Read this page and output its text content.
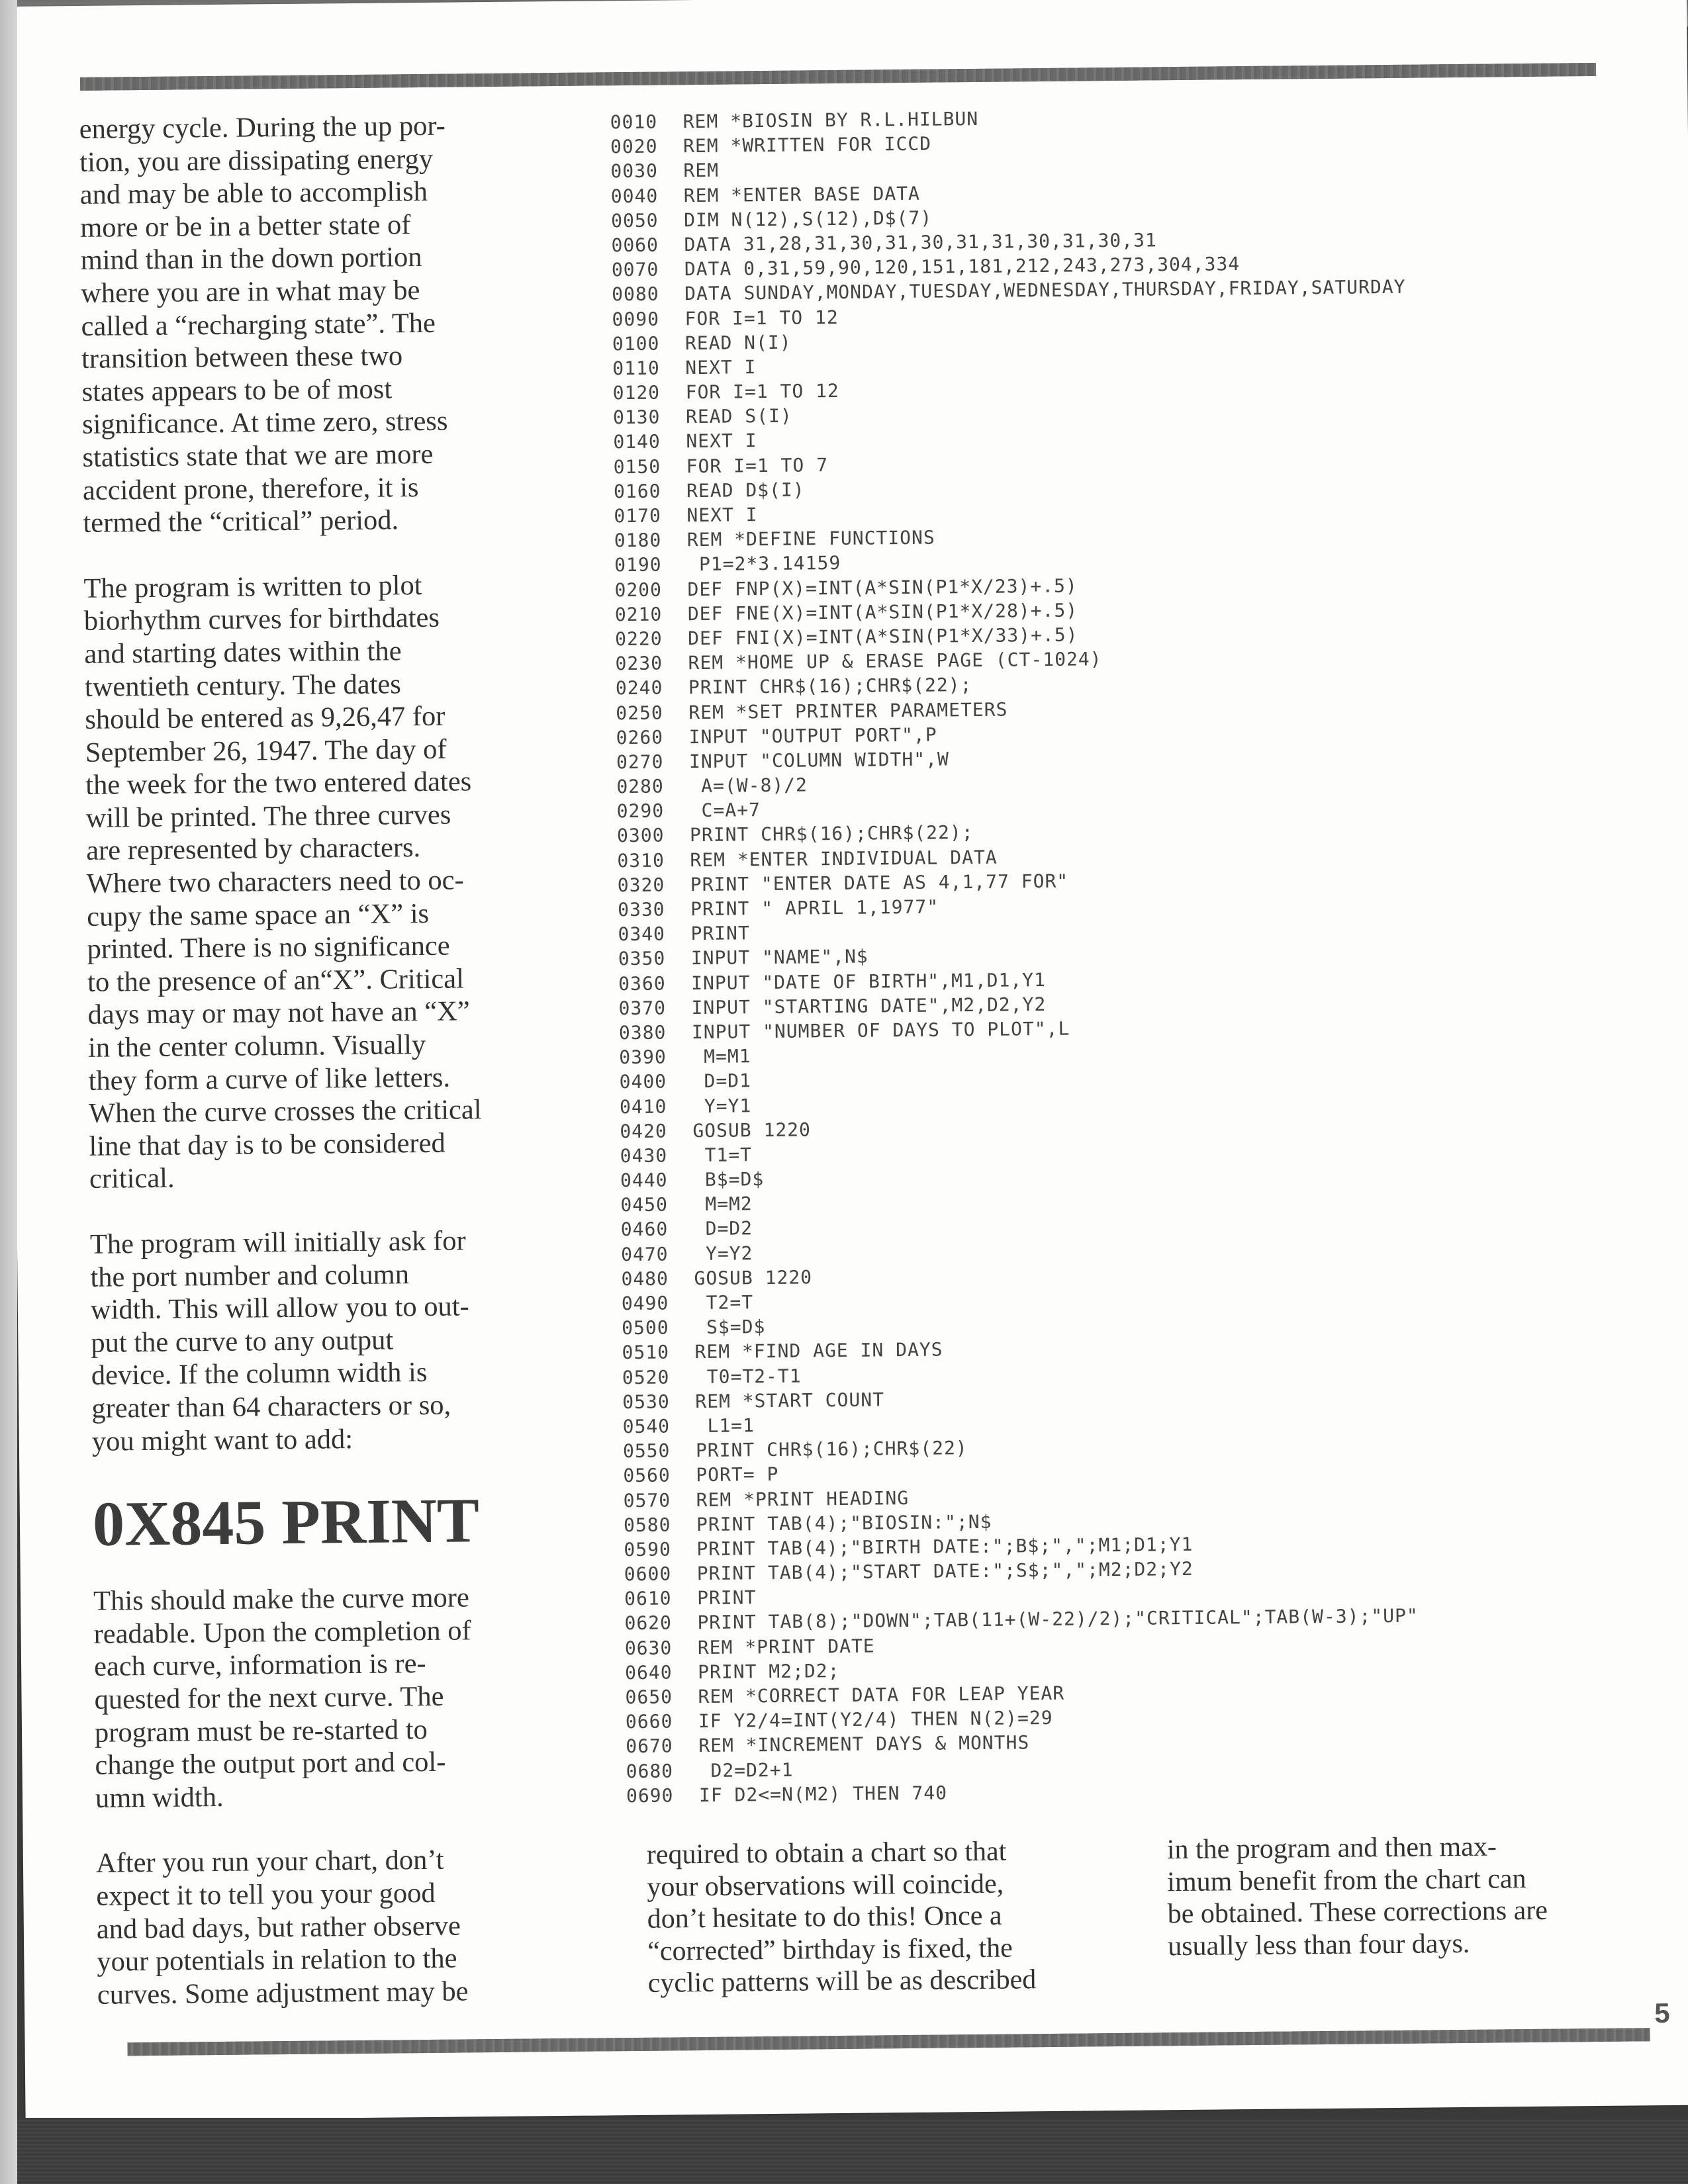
energy cycle. During the up por-
tion, you are dissipating energy
and may be able to accomplish
more or be in a better state of
mind than in the down portion
where you are in what may be
called a “recharging state”. The
transition between these two
states appears to be of most
significance. At time zero, stress
statistics state that we are more
accident prone, therefore, it is
termed the “critical” period.

The program is written to plot
biorhythm curves for birthdates
and starting dates within the
twentieth century. The dates
should be entered as 9,26,47 for
September 26, 1947. The day of
the week for the two entered dates
will be printed. The three curves
are represented by characters.
Where two characters need to oc-
cupy the same space an “X” is
printed. There is no significance
to the presence of an“X”. Critical
days may or may not have an “X”
in the center column. Visually
they form a curve of like letters.
When the curve crosses the critical
line that day is to be considered
critical.

The program will initially ask for
the port number and column
width. This will allow you to out-
put the curve to any output
device. If the column width is
greater than 64 characters or so,
you might want to add:

0X845 PRINT

This should make the curve more
readable. Upon the completion of
each curve, information is re-
quested for the next curve. The
program must be re-started to
change the output port and col-
umn width.

After you run your chart, don’t
expect it to tell you your good
and bad days, but rather observe
your potentials in relation to the
curves. Some adjustment may be

0010 REM *BIOSIN BY R.L.HILBUN
0020 REM *WRITTEN FOR ICCD
0030 REM
0040 REM *ENTER BASE DATA
0050 DIM N(12),S(12),D$(7)
0060 DATA 31,28,31,30,31,30,31,31,30,31,30,31
0070 DATA 0,31,59,90,120,151,181,212,243,273,304,334
0080 DATA SUNDAY,MONDAY,TUESDAY,WEDNESDAY,THURSDAY,FRIDAY,SATURDAY
0090 FOR I=1 TO 12
0100 READ N(I)
0110 NEXT I
0120 FOR I=1 TO 12
0130 READ S(I)
0140 NEXT I
0150 FOR I=1 TO 7
0160 READ D$(I)
0170 NEXT I
0180 REM *DEFINE FUNCTIONS
0190 P1=2*3.14159
0200 DEF FNP(X)=INT(A*SIN(P1*X/23)+.5)
0210 DEF FNE(X)=INT(A*SIN(P1*X/28)+.5)
0220 DEF FNI(X)=INT(A*SIN(P1*X/33)+.5)
0230 REM *HOME UP & ERASE PAGE (CT-1024)
0240 PRINT CHR$(16);CHR$(22);
0250 REM *SET PRINTER PARAMETERS
0260 INPUT "OUTPUT PORT",P
0270 INPUT "COLUMN WIDTH",W
0280 A=(W-8)/2
0290 C=A+7
0300 PRINT CHR$(16);CHR$(22);
0310 REM *ENTER INDIVIDUAL DATA
0320 PRINT "ENTER DATE AS 4,1,77 FOR"
0330 PRINT " APRIL 1,1977"
0340 PRINT
0350 INPUT "NAME",N$
0360 INPUT "DATE OF BIRTH",M1,D1,Y1
0370 INPUT "STARTING DATE",M2,D2,Y2
0380 INPUT "NUMBER OF DAYS TO PLOT",L
0390 M=M1
0400 D=D1
0410 Y=Y1
0420 GOSUB 1220
0430 T1=T
0440 B$=D$
0450 M=M2
0460 D=D2
0470 Y=Y2
0480 GOSUB 1220
0490 T2=T
0500 S$=D$
0510 REM *FIND AGE IN DAYS
0520 T0=T2-T1
0530 REM *START COUNT
0540 L1=1
0550 PRINT CHR$(16);CHR$(22)
0560 PORT= P
0570 REM *PRINT HEADING
0580 PRINT TAB(4);"BIOSIN:";N$
0590 PRINT TAB(4);"BIRTH DATE:";B$;",";M1;D1;Y1
0600 PRINT TAB(4);"START DATE:";S$;",";M2;D2;Y2
0610 PRINT
0620 PRINT TAB(8);"DOWN";TAB(11+(W-22)/2);"CRITICAL";TAB(W-3);"UP"
0630 REM *PRINT DATE
0640 PRINT M2;D2;
0650 REM *CORRECT DATA FOR LEAP YEAR
0660 IF Y2/4=INT(Y2/4) THEN N(2)=29
0670 REM *INCREMENT DAYS & MONTHS
0680 D2=D2+1
0690 IF D2<=N(M2) THEN 740
required to obtain a chart so that
your observations will coincide,
don’t hesitate to do this! Once a
“corrected” birthday is fixed, the
cyclic patterns will be as described
in the program and then max-
imum benefit from the chart can
be obtained. These corrections are
usually less than four days.
5
